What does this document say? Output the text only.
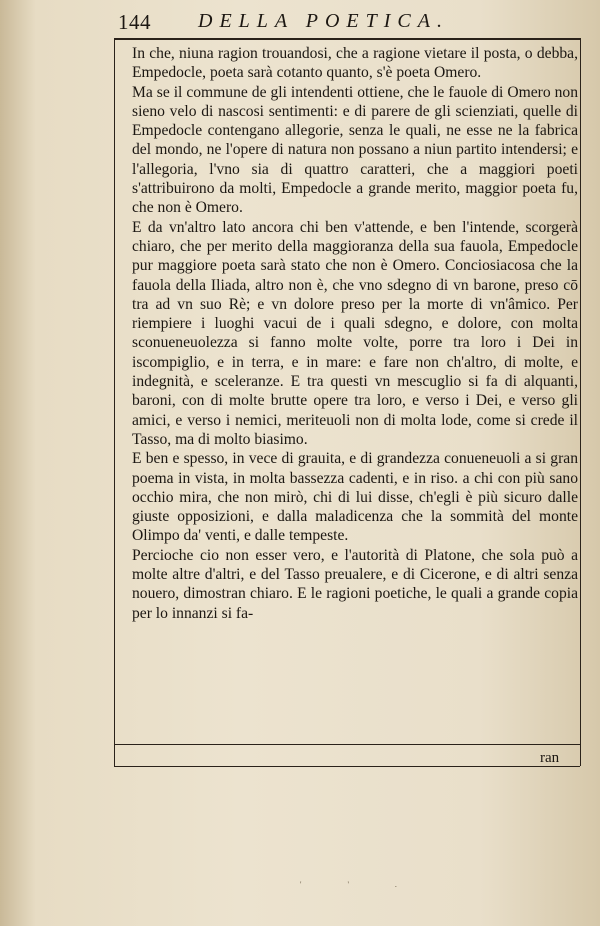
144 DELLA POETICA.

In che, niuna ragion trouandosi, che a ragione vietare il posta, o debba, Empedocle, poeta sarà cotanto quanto, s'è poeta Omero.

Ma se il commune de gli intendenti ottiene, che le fauole di Omero non sieno velo di nascosi sentimenti: e di parere de gli scienziati, quelle di Empedocle contengano allegorie, senza le quali, ne esse ne la fabrica del mondo, ne l'opere di natura non possano a niun partito intendersi; e l'allegoria, l'vno sia di quattro caratteri, che a maggiori poeti s'attribuirono da molti, Empedocle a grande merito, maggior poeta fu, che non è Omero.

E da vn'altro lato ancora chi ben v'attende, e ben l'intende, scorgerà chiaro, che per merito della maggioranza della sua fauola, Empedocle pur maggiore poeta sarà stato che non è Omero. Conciosiacosa che la fauola della Iliada, altro non è, che vno sdegno di vn barone, preso cō tra ad vn suo Rè; e vn dolore preso per la morte di vn'âmico. Per riempiere i luoghi vacui de i quali sdegno, e dolore, con molta sconueneuolezza si fanno molte volte, porre tra loro i Dei in iscompiglio, e in terra, e in mare: e fare non ch'altro, di molte, e indegnità, e sceleranze. E tra questi vn mescuglio si fa di alquanti, baroni, con di molte brutte opere tra loro, e verso i Dei, e verso gli amici, e verso i nemici, meriteuoli non di molta lode, come si crede il Tasso, ma di molto biasimo.

E ben e spesso, in vece di grauita, e di grandezza conueneuoli a si gran poema in vista, in molta bassezza cadenti, e in riso. a chi con più sano occhio mira, che non mirò, chi di lui disse, ch'egli è più sicuro dalle giuste opposizioni, e dalla maladicenza che la sommità del monte Olimpo da' venti, e dalle tempeste.

Percioche cio non esser vero, e l'autorità di Platone, che sola può a molte altre d'altri, e del Tasso preualere, e di Cicerone, e di altri senza nouero, dimostran chiaro. E le ragioni poetiche, le quali a grande copia per lo innanzi si fa-

ran
' ' .
